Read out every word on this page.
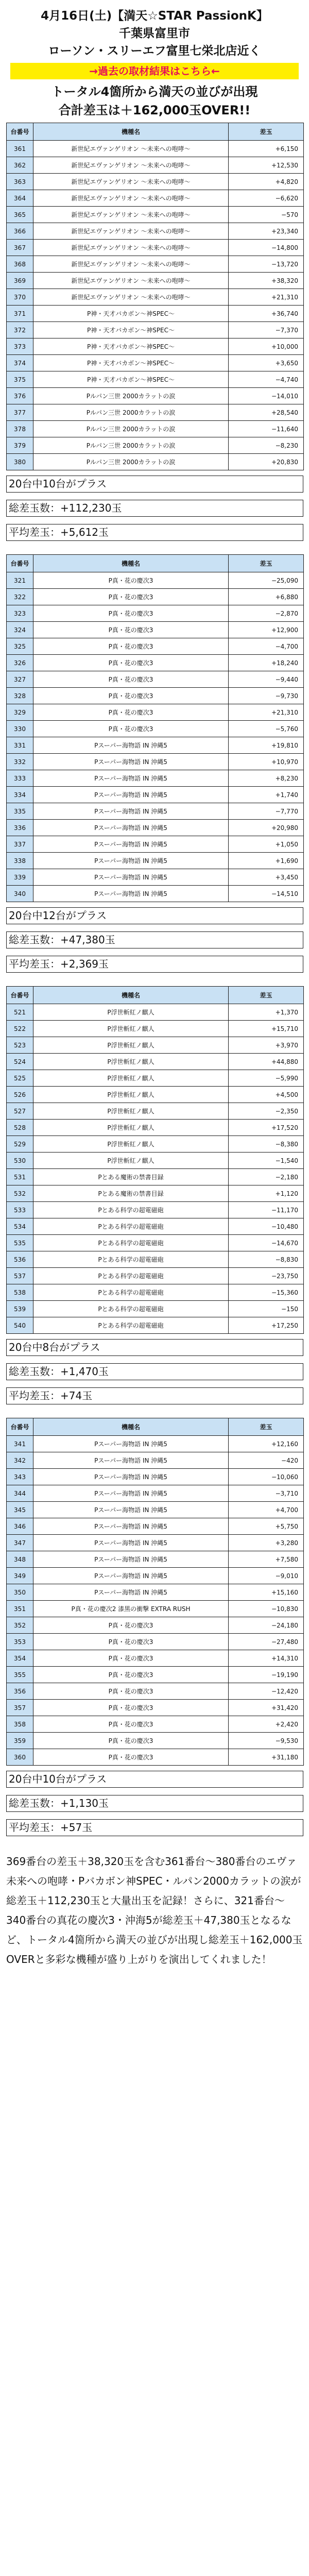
4月16日(土)【満天☆STAR PassionK】
千葉県富里市
ローソン・スリーエフ富里七栄北店近く
→過去の取材結果はこちら←
トータル4箇所から満天の並びが出現
合計差玉は＋162,000玉OVER!!
台番号	機種名	差玉
361	新世紀エヴァンゲリオン 〜未来への咆哮〜	+6,150
362	新世紀エヴァンゲリオン 〜未来への咆哮〜	+12,530
363	新世紀エヴァンゲリオン 〜未来への咆哮〜	+4,820
364	新世紀エヴァンゲリオン 〜未来への咆哮〜	−6,620
365	新世紀エヴァンゲリオン 〜未来への咆哮〜	−570
366	新世紀エヴァンゲリオン 〜未来への咆哮〜	+23,340
367	新世紀エヴァンゲリオン 〜未来への咆哮〜	−14,800
368	新世紀エヴァンゲリオン 〜未来への咆哮〜	−13,720
369	新世紀エヴァンゲリオン 〜未来への咆哮〜	+38,320
370	新世紀エヴァンゲリオン 〜未来への咆哮〜	+21,310
371	P神・天才バカボン〜神SPEC〜	+36,740
372	P神・天才バカボン〜神SPEC〜	−7,370
373	P神・天才バカボン〜神SPEC〜	+10,000
374	P神・天才バカボン〜神SPEC〜	+3,650
375	P神・天才バカボン〜神SPEC〜	−4,740
376	Pルパン三世 2000カラットの涙	−14,010
377	Pルパン三世 2000カラットの涙	+28,540
378	Pルパン三世 2000カラットの涙	−11,640
379	Pルパン三世 2000カラットの涙	−8,230
380	Pルパン三世 2000カラットの涙	+20,830
20台中10台がプラス
総差玉数：+112,230玉
平均差玉：+5,612玉
台番号	機種名	差玉
321	P真・花の慶次3	−25,090
322	P真・花の慶次3	+6,880
323	P真・花の慶次3	−2,870
324	P真・花の慶次3	+12,900
325	P真・花の慶次3	−4,700
326	P真・花の慶次3	+18,240
327	P真・花の慶次3	−9,440
328	P真・花の慶次3	−9,730
329	P真・花の慶次3	+21,310
330	P真・花の慶次3	−5,760
331	Pスーパー海物語 IN 沖縄5	+19,810
332	Pスーパー海物語 IN 沖縄5	+10,970
333	Pスーパー海物語 IN 沖縄5	+8,230
334	Pスーパー海物語 IN 沖縄5	+1,740
335	Pスーパー海物語 IN 沖縄5	−7,770
336	Pスーパー海物語 IN 沖縄5	+20,980
337	Pスーパー海物語 IN 沖縄5	+1,050
338	Pスーパー海物語 IN 沖縄5	+1,690
339	Pスーパー海物語 IN 沖縄5	+3,450
340	Pスーパー海物語 IN 沖縄5	−14,510
20台中12台がプラス
総差玉数：+47,380玉
平均差玉：+2,369玉
台番号	機種名	差玉
521	P浮世斬紅ノ麒人	+1,370
522	P浮世斬紅ノ麒人	+15,710
523	P浮世斬紅ノ麒人	+3,970
524	P浮世斬紅ノ麒人	+44,880
525	P浮世斬紅ノ麒人	−5,990
526	P浮世斬紅ノ麒人	+4,500
527	P浮世斬紅ノ麒人	−2,350
528	P浮世斬紅ノ麒人	+17,520
529	P浮世斬紅ノ麒人	−8,380
530	P浮世斬紅ノ麒人	−1,540
531	Pとある魔術の禁書目録	−2,180
532	Pとある魔術の禁書目録	+1,120
533	Pとある科学の超電磁砲	−11,170
534	Pとある科学の超電磁砲	−10,480
535	Pとある科学の超電磁砲	−14,670
536	Pとある科学の超電磁砲	−8,830
537	Pとある科学の超電磁砲	−23,750
538	Pとある科学の超電磁砲	−15,360
539	Pとある科学の超電磁砲	−150
540	Pとある科学の超電磁砲	+17,250
20台中8台がプラス
総差玉数：+1,470玉
平均差玉：+74玉
台番号	機種名	差玉
341	Pスーパー海物語 IN 沖縄5	+12,160
342	Pスーパー海物語 IN 沖縄5	−420
343	Pスーパー海物語 IN 沖縄5	−10,060
344	Pスーパー海物語 IN 沖縄5	−3,710
345	Pスーパー海物語 IN 沖縄5	+4,700
346	Pスーパー海物語 IN 沖縄5	+5,750
347	Pスーパー海物語 IN 沖縄5	+3,280
348	Pスーパー海物語 IN 沖縄5	+7,580
349	Pスーパー海物語 IN 沖縄5	−9,010
350	Pスーパー海物語 IN 沖縄5	+15,160
351	P真・花の慶次2 漆黒の衝撃 EXTRA RUSH	−10,830
352	P真・花の慶次3	−24,180
353	P真・花の慶次3	−27,480
354	P真・花の慶次3	+14,310
355	P真・花の慶次3	−19,190
356	P真・花の慶次3	−12,420
357	P真・花の慶次3	+31,420
358	P真・花の慶次3	+2,420
359	P真・花の慶次3	−9,530
360	P真・花の慶次3	+31,180
20台中10台がプラス
総差玉数：+1,130玉
平均差玉：+57玉
369番台の差玉＋38,320玉を含む361番台〜380番台のエヴァ未来への咆哮・Pバカボン神SPEC・ルパン2000カラットの涙が総差玉＋112,230玉と大量出玉を記録！さらに、321番台〜340番台の真花の慶次3・沖海5が総差玉＋47,380玉となるなど、トータル4箇所から満天の並びが出現し総差玉＋162,000玉OVERと多彩な機種が盛り上がりを演出してくれました！
